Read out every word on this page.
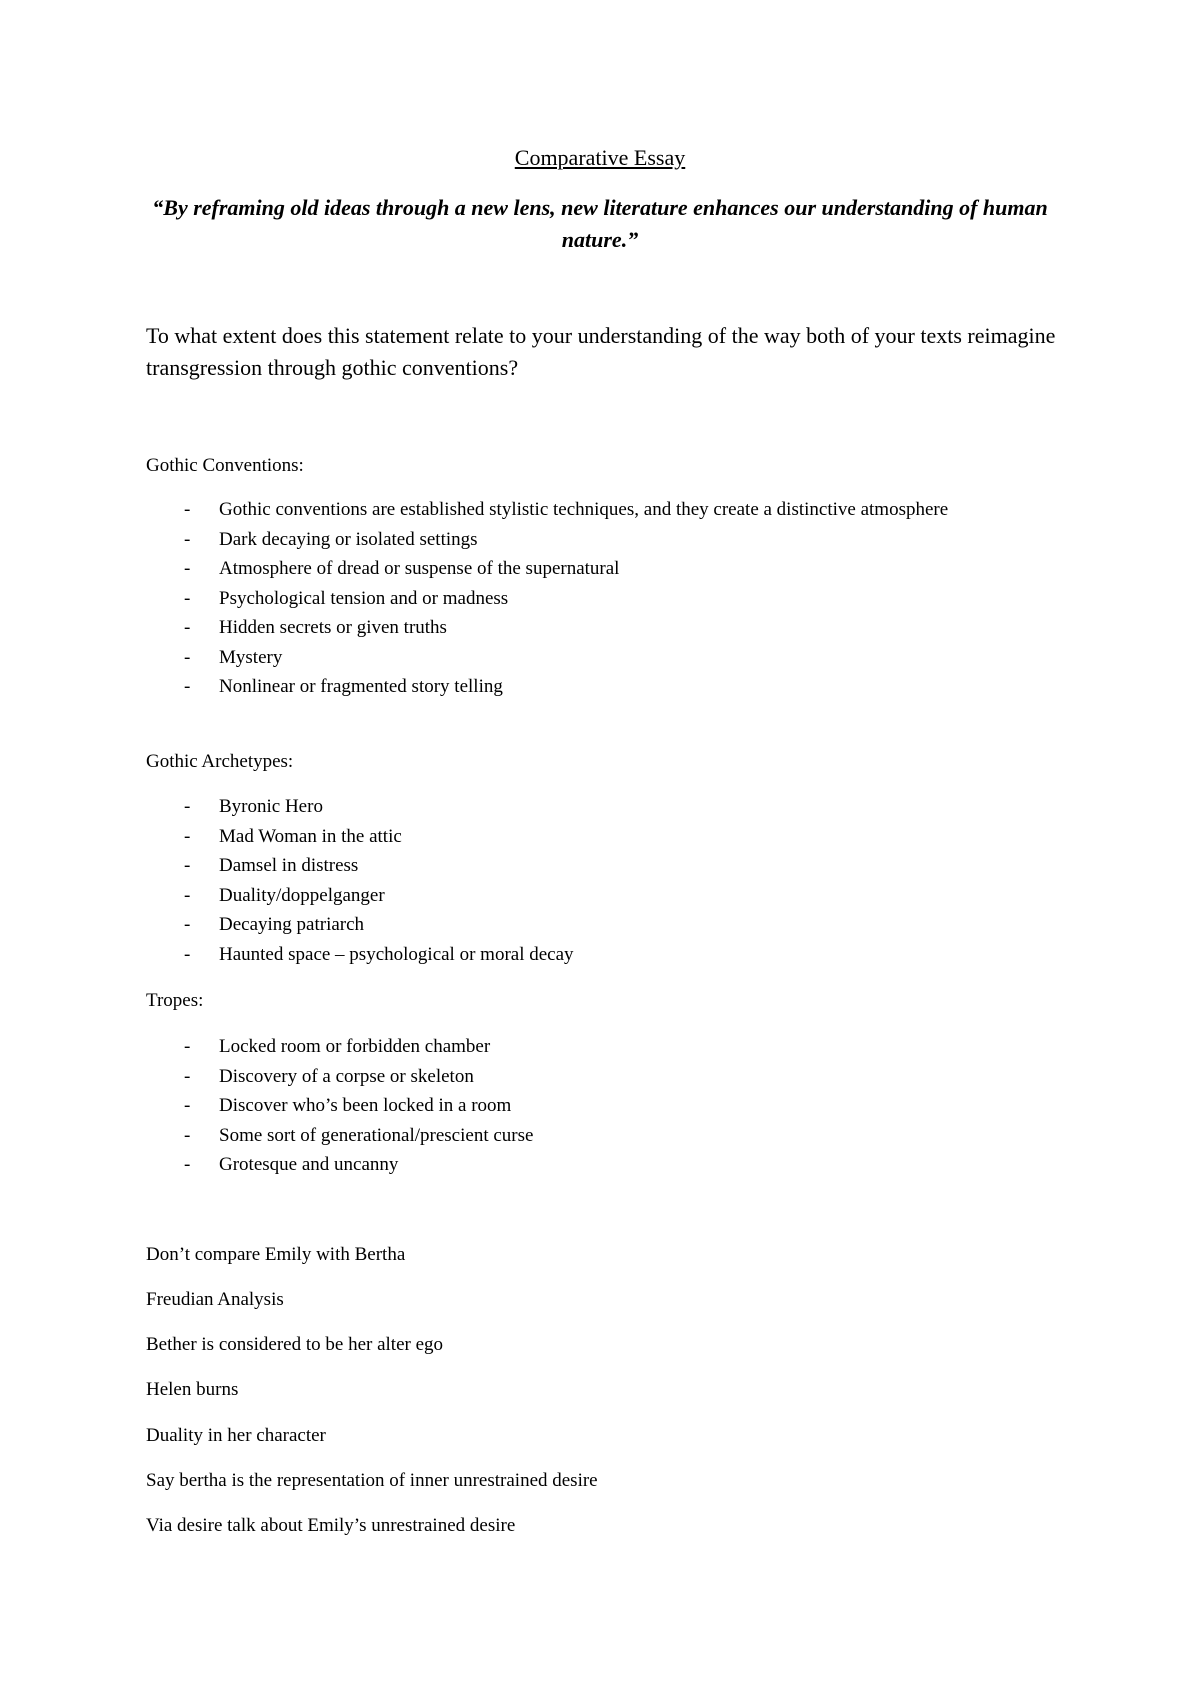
Comparative Essay
“By reframing old ideas through a new lens, new literature enhances our understanding of human nature.”
To what extent does this statement relate to your understanding of the way both of your texts reimagine transgression through gothic conventions?
Gothic Conventions:
- Gothic conventions are established stylistic techniques, and they create a distinctive atmosphere
- Dark decaying or isolated settings
- Atmosphere of dread or suspense of the supernatural
- Psychological tension and or madness
- Hidden secrets or given truths
- Mystery
- Nonlinear or fragmented story telling
Gothic Archetypes:
- Byronic Hero
- Mad Woman in the attic
- Damsel in distress
- Duality/doppelganger
- Decaying patriarch
- Haunted space – psychological or moral decay
Tropes:
- Locked room or forbidden chamber
- Discovery of a corpse or skeleton
- Discover who’s been locked in a room
- Some sort of generational/prescient curse
- Grotesque and uncanny
Don’t compare Emily with Bertha
Freudian Analysis
Bether is considered to be her alter ego
Helen burns
Duality in her character
Say bertha is the representation of inner unrestrained desire
Via desire talk about Emily’s unrestrained desire
